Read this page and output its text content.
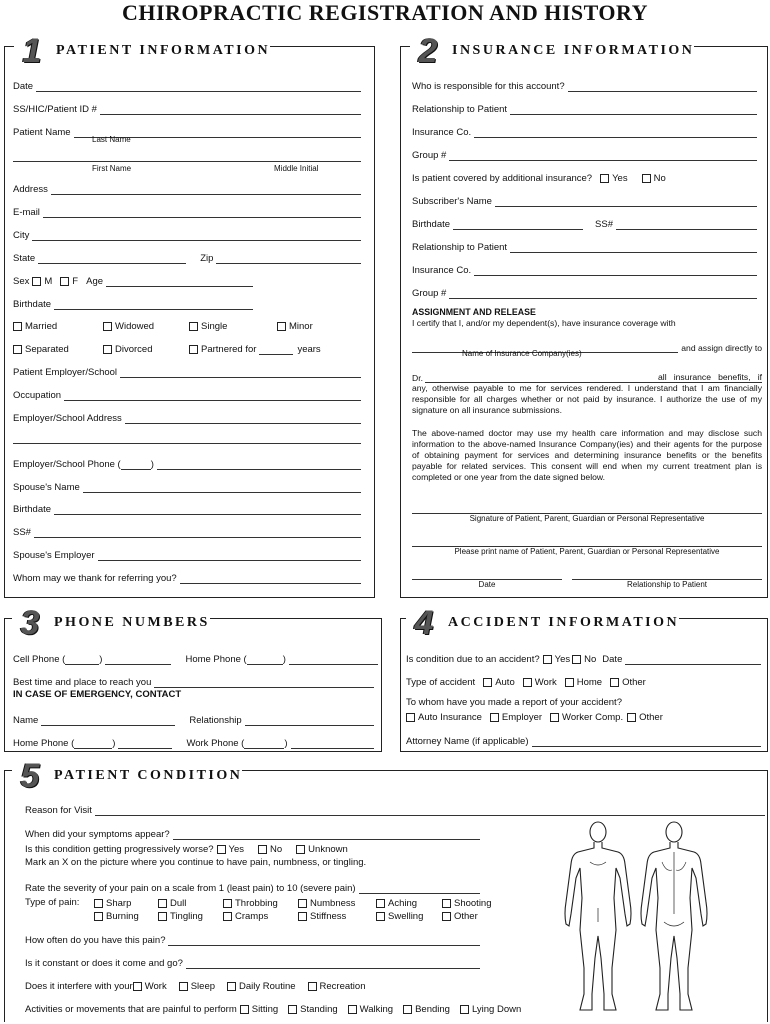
CHIROPRACTIC REGISTRATION AND HISTORY
1	PATIENT INFORMATION
Date
SS/HIC/Patient ID #
Patient Name
Last Name
First Name	Middle Initial
Address
E-mail
City
State	Zip
Sex	M F Age
Birthdate
Married	Widowed	Single	Minor
Separated	Divorced	Partnered for	years
Patient Employer/School
Occupation
Employer/School Address
Employer/School Phone (	)
Spouse's Name
Birthdate
SS#
Spouse's Employer
Whom may we thank for referring you?
2	INSURANCE INFORMATION
Who is responsible for this account?
Relationship to Patient
Insurance Co.
Group #
Is patient covered by additional insurance?	Yes	No
Subscriber's Name
Birthdate	SS#
Relationship to Patient
Insurance Co.
Group #
ASSIGNMENT AND RELEASE
I certify that I, and/or my dependent(s), have insurance coverage with
and assign directly to
Name of Insurance Company(ies)
Dr.	all insurance benefits, if any, otherwise payable to me for services rendered. I understand that I am financially responsible for all charges whether or not paid by insurance. I authorize the use of my signature on all insurance submissions.
The above-named doctor may use my health care information and may disclose such information to the above-named Insurance Company(ies) and their agents for the purpose of obtaining payment for services and determining insurance benefits or the benefits payable for related services. This consent will end when my current treatment plan is completed or one year from the date signed below.
Signature of Patient, Parent, Guardian or Personal Representative
Please print name of Patient, Parent, Guardian or Personal Representative
Date	Relationship to Patient
3	PHONE NUMBERS
Cell Phone (	)	Home Phone (	)
Best time and place to reach you
IN CASE OF EMERGENCY, CONTACT
Name	Relationship
Home Phone (	)	Work Phone (	)
4	ACCIDENT INFORMATION
Is condition due to an accident?	Yes No Date
Type of accident	Auto Work Home Other
To whom have you made a report of your accident?
Auto Insurance Employer Worker Comp. Other
Attorney Name (if applicable)
5	PATIENT CONDITION
Reason for Visit
When did your symptoms appear?
Is this condition getting progressively worse?	Yes	No	Unknown
Mark an X on the picture where you continue to have pain, numbness, or tingling.
Rate the severity of your pain on a scale from 1 (least pain) to 10 (severe pain)
Type of pain:	Sharp	Dull	Throbbing	Numbness	Aching	Shooting
Burning	Tingling	Cramps	Stiffness	Swelling	Other
How often do you have this pain?
Is it constant or does it come and go?
Does it interfere with your Work	Sleep	Daily Routine	Recreation
Activities or movements that are painful to perform	Sitting Standing Walking Bending Lying Down
